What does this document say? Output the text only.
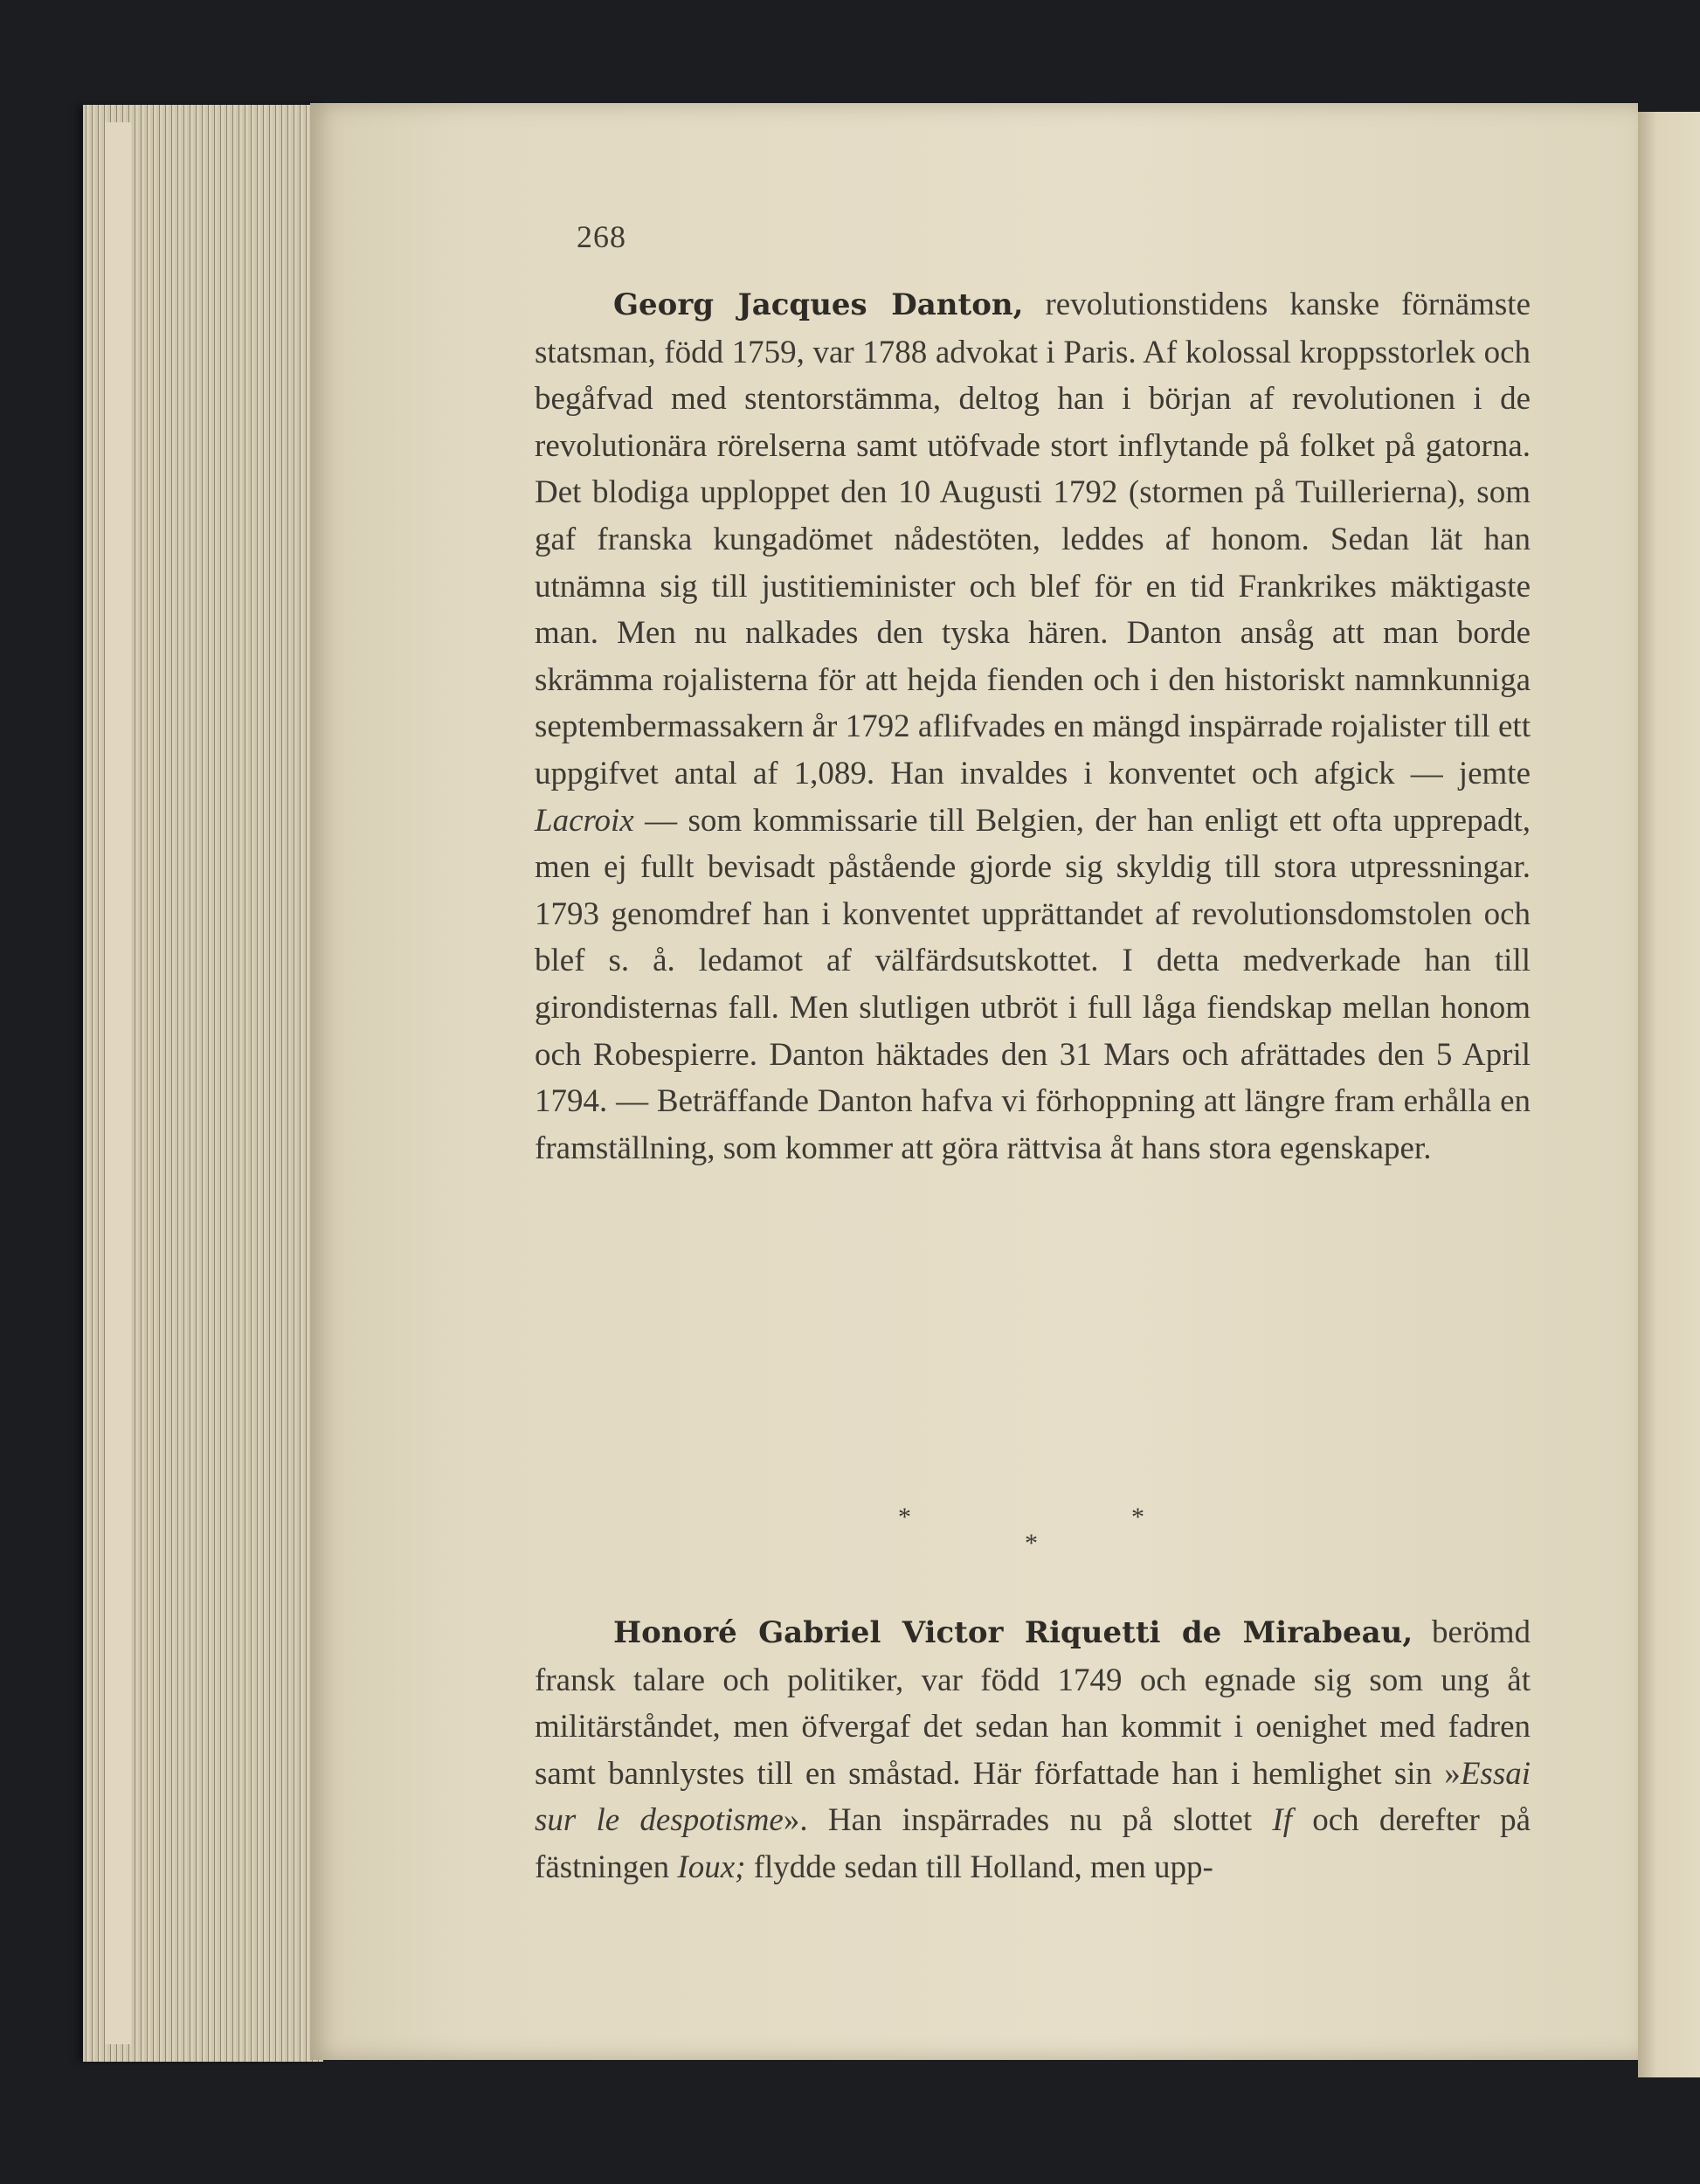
268

Georg Jacques Danton, revolutionstidens kanske förnämste statsman, född 1759, var 1788 advokat i Paris. Af kolossal kroppsstorlek och begåfvad med stentorstämma, deltog han i början af revolutionen i de revolutionära rörelserna samt utöfvade stort inflytande på folket på gatorna. Det blodiga upploppet den 10 Augusti 1792 (stormen på Tuillerierna), som gaf franska kungadömet nådestöten, leddes af honom. Sedan lät han utnämna sig till justitieminister och blef för en tid Frankrikes mäktigaste man. Men nu nalkades den tyska hären. Danton ansåg att man borde skrämma rojalisterna för att hejda fienden och i den historiskt namnkunniga septembermassakern år 1792 aflifvades en mängd inspärrade rojalister till ett uppgifvet antal af 1,089. Han invaldes i konventet och afgick — jemte Lacroix — som kommissarie till Belgien, der han enligt ett ofta upprepadt, men ej fullt bevisadt påstående gjorde sig skyldig till stora utpressningar. 1793 genomdref han i konventet upprättandet af revolutionsdomstolen och blef s. å. ledamot af välfärdsutskottet. I detta medverkade han till girondisternas fall. Men slutligen utbröt i full låga fiendskap mellan honom och Robespierre. Danton häktades den 31 Mars och afrättades den 5 April 1794. — Beträffande Danton hafva vi förhoppning att längre fram erhålla en framställning, som kommer att göra rättvisa åt hans stora egenskaper.

*
*
*

Honoré Gabriel Victor Riquetti de Mirabeau, berömd fransk talare och politiker, var född 1749 och egnade sig som ung åt militärståndet, men öfvergaf det sedan han kommit i oenighet med fadren samt bannlystes till en småstad. Här författade han i hemlighet sin »Essai sur le despotisme». Han inspärrades nu på slottet If och derefter på fästningen Ioux; flydde sedan till Holland, men upp-
